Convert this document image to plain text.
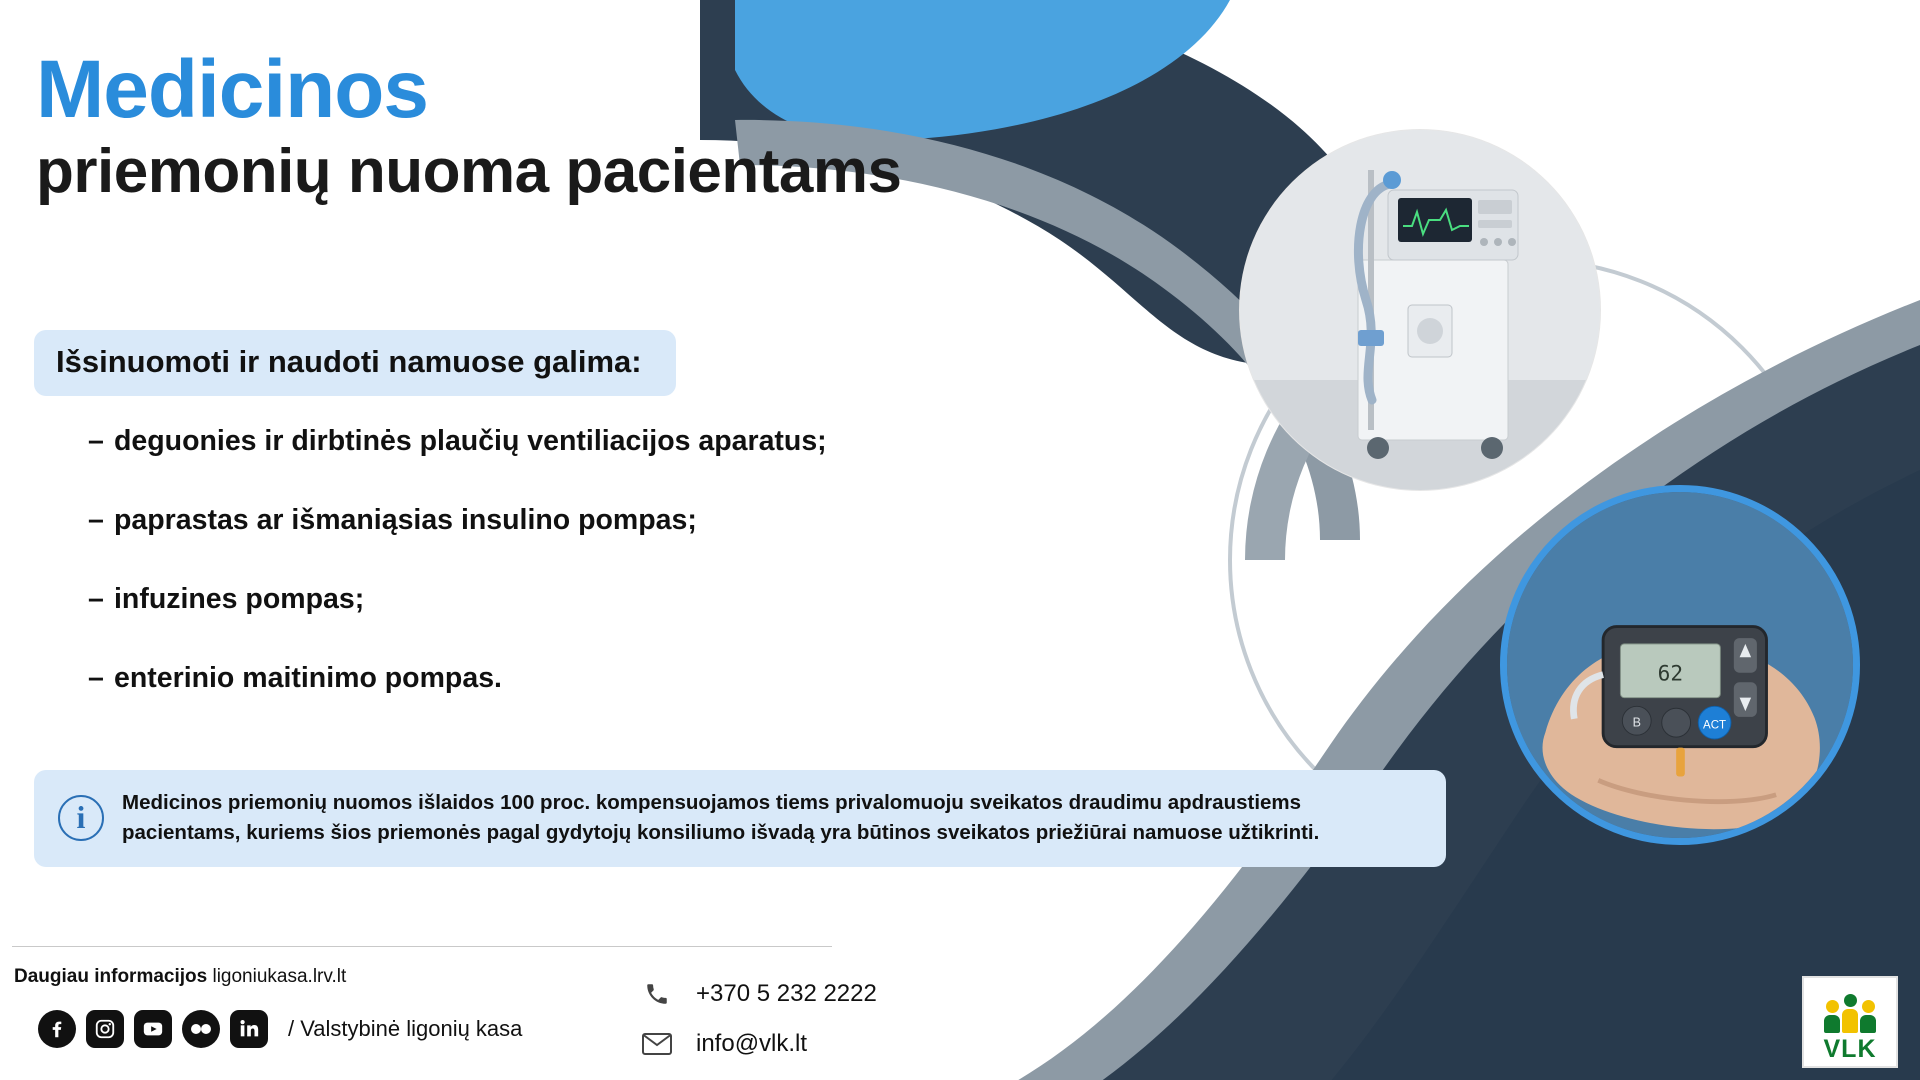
Medicinos
priemonių nuoma pacientams
Išsinuomoti ir naudoti namuose galima:
– deguonies ir dirbtinės plaučių ventiliacijos aparatus;
– paprastas ar išmaniąsias insulino pompas;
– infuzines pompas;
– enterinio maitinimo pompas.
i	Medicinos priemonių nuomos išlaidos 100 proc. kompensuojamos tiems privalomuoju sveikatos draudimu apdraustiems pacientams, kuriems šios priemonės pagal gydytojų konsiliumo išvadą yra būtinos sveikatos priežiūrai namuose užtikrinti.
62
B	ACT
Daugiau informacijos ligoniukasa.lrv.lt
/ Valstybinė ligonių kasa
+370 5 232 2222
info@vlk.lt	VLK
